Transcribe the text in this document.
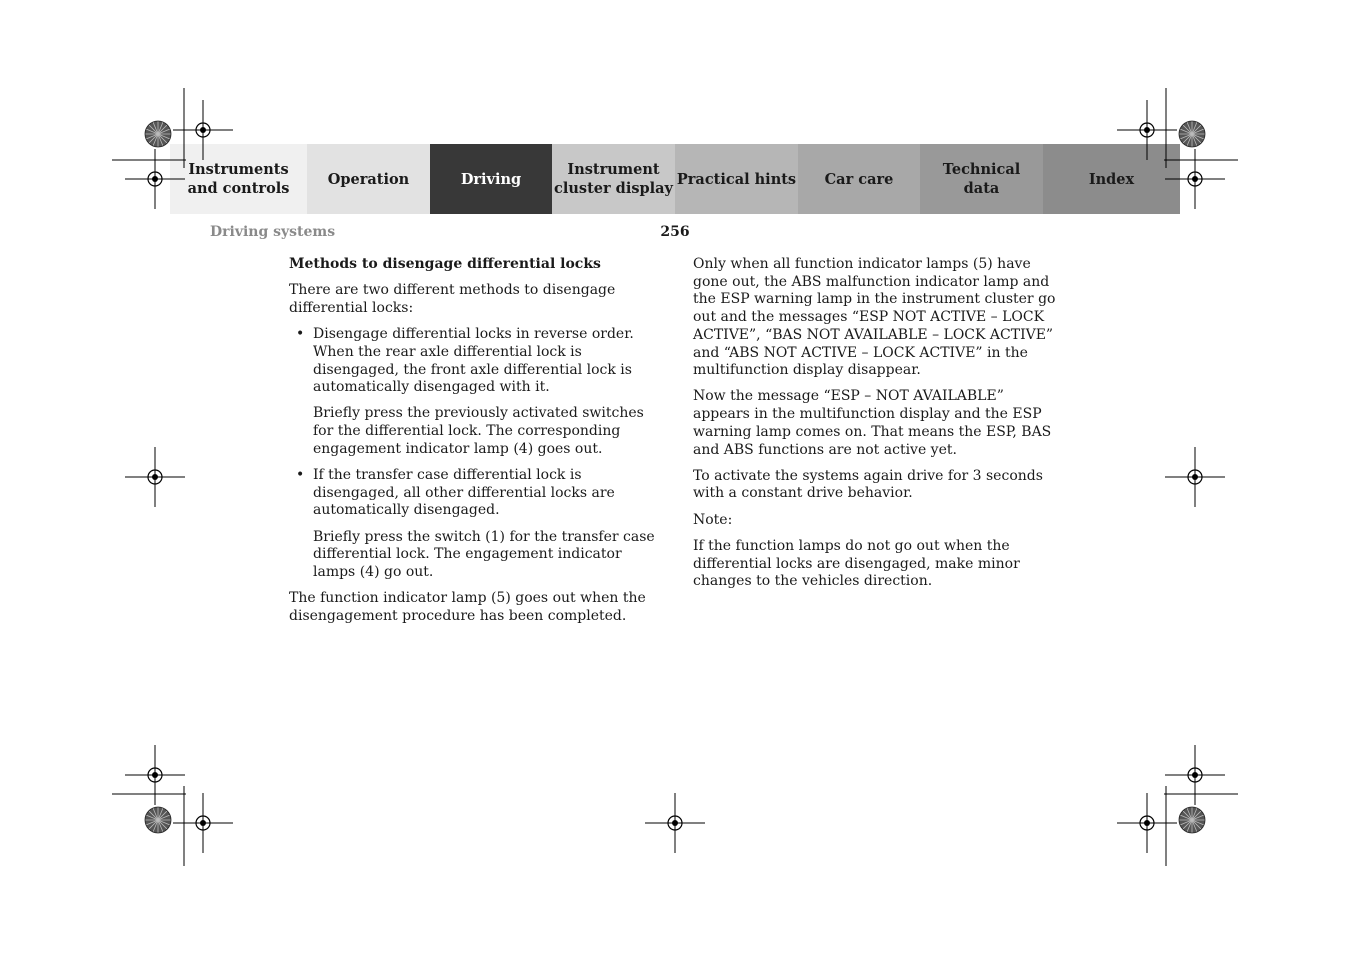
Instruments
and controls
Operation	Driving
Instrument
cluster display
Practical hints	Car care
Technical
data
Index
Driving systems	256

Methods to disengage differential locks

There are two different methods to disengage differential locks:

• Disengage differential locks in reverse order. When the rear axle differential lock is disengaged, the front axle differential lock is automatically disengaged with it.

Briefly press the previously activated switches for the differential lock. The corresponding engagement indicator lamp (4) goes out.

• If the transfer case differential lock is disengaged, all other differential locks are automatically disengaged.

Briefly press the switch (1) for the transfer case differential lock. The engagement indicator lamps (4) go out.

The function indicator lamp (5) goes out when the disengagement procedure has been completed.

Only when all function indicator lamps (5) have gone out, the ABS malfunction indicator lamp and the ESP warning lamp in the instrument cluster go out and the messages “ESP NOT ACTIVE – LOCK ACTIVE”, “BAS NOT AVAILABLE – LOCK ACTIVE” and “ABS NOT ACTIVE – LOCK ACTIVE” in the multifunction display disappear.

Now the message “ESP – NOT AVAILABLE” appears in the multifunction display and the ESP warning lamp comes on. That means the ESP, BAS and ABS functions are not active yet.

To activate the systems again drive for 3 seconds with a constant drive behavior.

Note:

If the function lamps do not go out when the differential locks are disengaged, make minor changes to the vehicles direction.
